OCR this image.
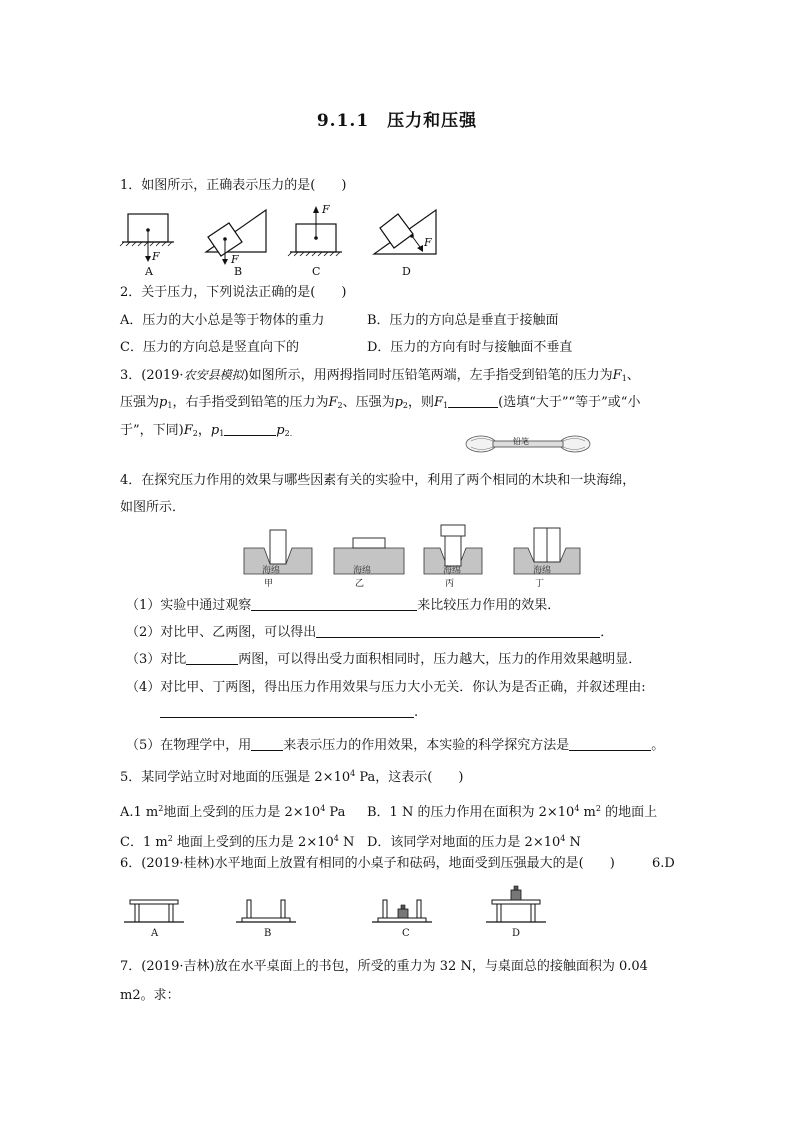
9.1.1　压力和压强
1．如图所示，正确表示压力的是(　　)
F	F
F
F
A	B	C	D
2．关于压力，下列说法正确的是(　　)
A．压力的大小总是等于物体的重力	B．压力的方向总是垂直于接触面
C．压力的方向总是竖直向下的	D．压力的方向有时与接触面不垂直
3．(2019·农安县模拟)如图所示，用两拇指同时压铅笔两端，左手指受到铅笔的压力为$F_1$、
压强为$p_1$，右手指受到铅笔的压力为$F_2$、压强为$p_2$，则$F_1$	(选填“大于”“等于”或“小
于”，下同)$F_2$，$p_1$	$p_{2.}$
铅笔
4．在探究压力作用的效果与哪些因素有关的实验中，利用了两个相同的木块和一块海绵，
如图所示．
海绵	海绵	海绵	海绵
甲	乙	丙	丁
（1）实验中通过观察	来比较压力作用的效果．
（2）对比甲、乙两图，可以得出	．
（3）对比	两图，可以得出受力面积相同时，压力越大，压力的作用效果越明显．
（4）对比甲、丁两图，得出压力作用效果与压力大小无关．你认为是否正确，并叙述理由:
.
（5）在物理学中，用 来表示压力的作用效果，本实验的科学探究方法是	。
5．某同学站立时对地面的压强是 $2\times 10^4$ Pa，这表示(　　)
A.1 $m^2$地面上受到的压力是 $2\times 10^4$ Pa B．1 N 的压力作用在面积为 $2\times 10^4$ $m^2$ 的地面上
C．1 $m^2$ 地面上受到的压力是 $2\times 10^4$ N D．该同学对地面的压力是 $2\times 10^4$ N
6．(2019·桂林)水平地面上放置有相同的小桌子和砝码，地面受到压强最大的是(　　)	6.D
A	B	C	D
7．(2019·吉林)放在水平桌面上的书包，所受的重力为 32 N，与桌面总的接触面积为 0.04
m2。求：
